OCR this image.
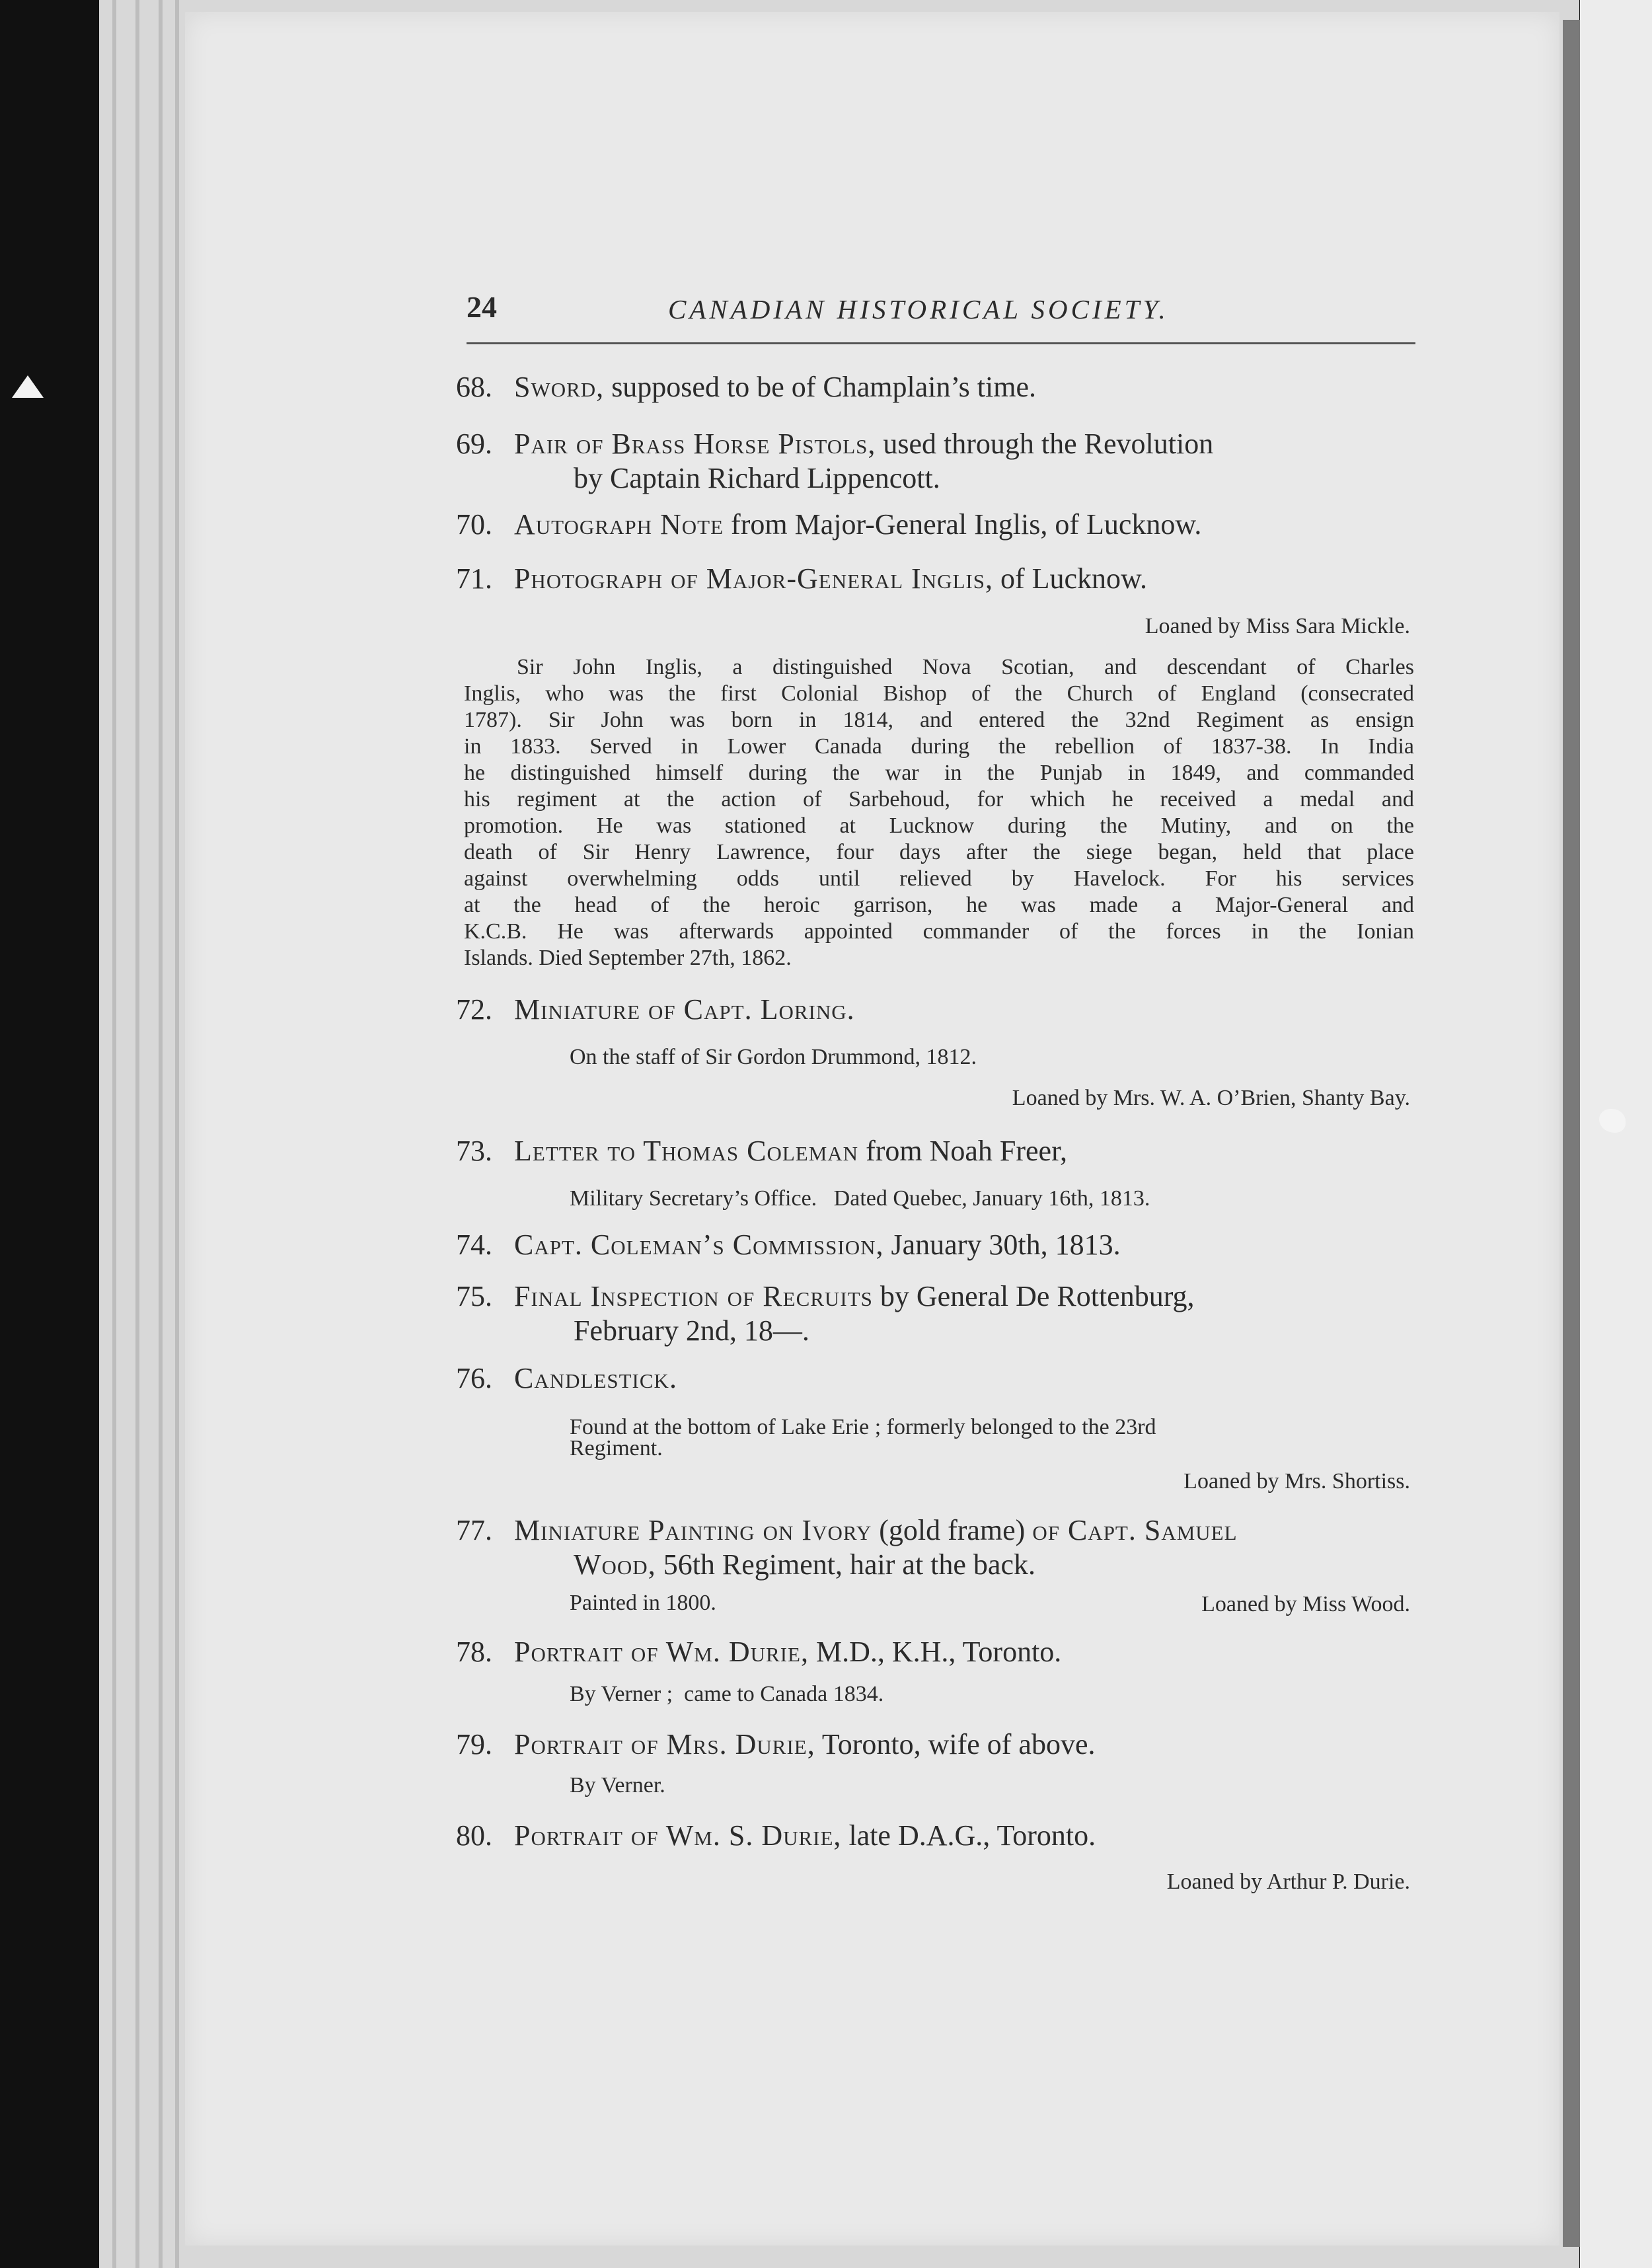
24	CANADIAN HISTORICAL SOCIETY.
68. Sword, supposed to be of Champlain’s time.
69. Pair of Brass Horse Pistols, used through the Revolution
by Captain Richard Lippencott.
70. Autograph Note from Major-General Inglis, of Lucknow.
71. Photograph of Major-General Inglis, of Lucknow.
Loaned by Miss Sara Mickle.
Sir John Inglis, a distinguished Nova Scotian, and descendant of Charles
Inglis, who was the first Colonial Bishop of the Church of England (consecrated
1787). Sir John was born in 1814, and entered the 32nd Regiment as ensign
in 1833. Served in Lower Canada during the rebellion of 1837-38. In India
he distinguished himself during the war in the Punjab in 1849, and commanded
his regiment at the action of Sarbehoud, for which he received a medal and
promotion. He was stationed at Lucknow during the Mutiny, and on the
death of Sir Henry Lawrence, four days after the siege began, held that place
against overwhelming odds until relieved by Havelock. For his services
at the head of the heroic garrison, he was made a Major-General and
K.C.B. He was afterwards appointed commander of the forces in the Ionian
Islands. Died September 27th, 1862.
72. Miniature of Capt. Loring.
On the staff of Sir Gordon Drummond, 1812.
Loaned by Mrs. W. A. O’Brien, Shanty Bay.
73. Letter to Thomas Coleman from Noah Freer,
Military Secretary’s Office.   Dated Quebec, January 16th, 1813.
74. Capt. Coleman’s Commission, January 30th, 1813.
75. Final Inspection of Recruits by General De Rottenburg,
February 2nd, 18—.
76. Candlestick.
Found at the bottom of Lake Erie ; formerly belonged to the 23rd
Regiment.
Loaned by Mrs. Shortiss.
77. Miniature Painting on Ivory (gold frame) of Capt. Samuel
Wood, 56th Regiment, hair at the back.
Painted in 1800.	Loaned by Miss Wood.
78. Portrait of Wm. Durie, M.D., K.H., Toronto.
By Verner ;  came to Canada 1834.
79. Portrait of Mrs. Durie, Toronto, wife of above.
By Verner.
80. Portrait of Wm. S. Durie, late D.A.G., Toronto.
Loaned by Arthur P. Durie.
